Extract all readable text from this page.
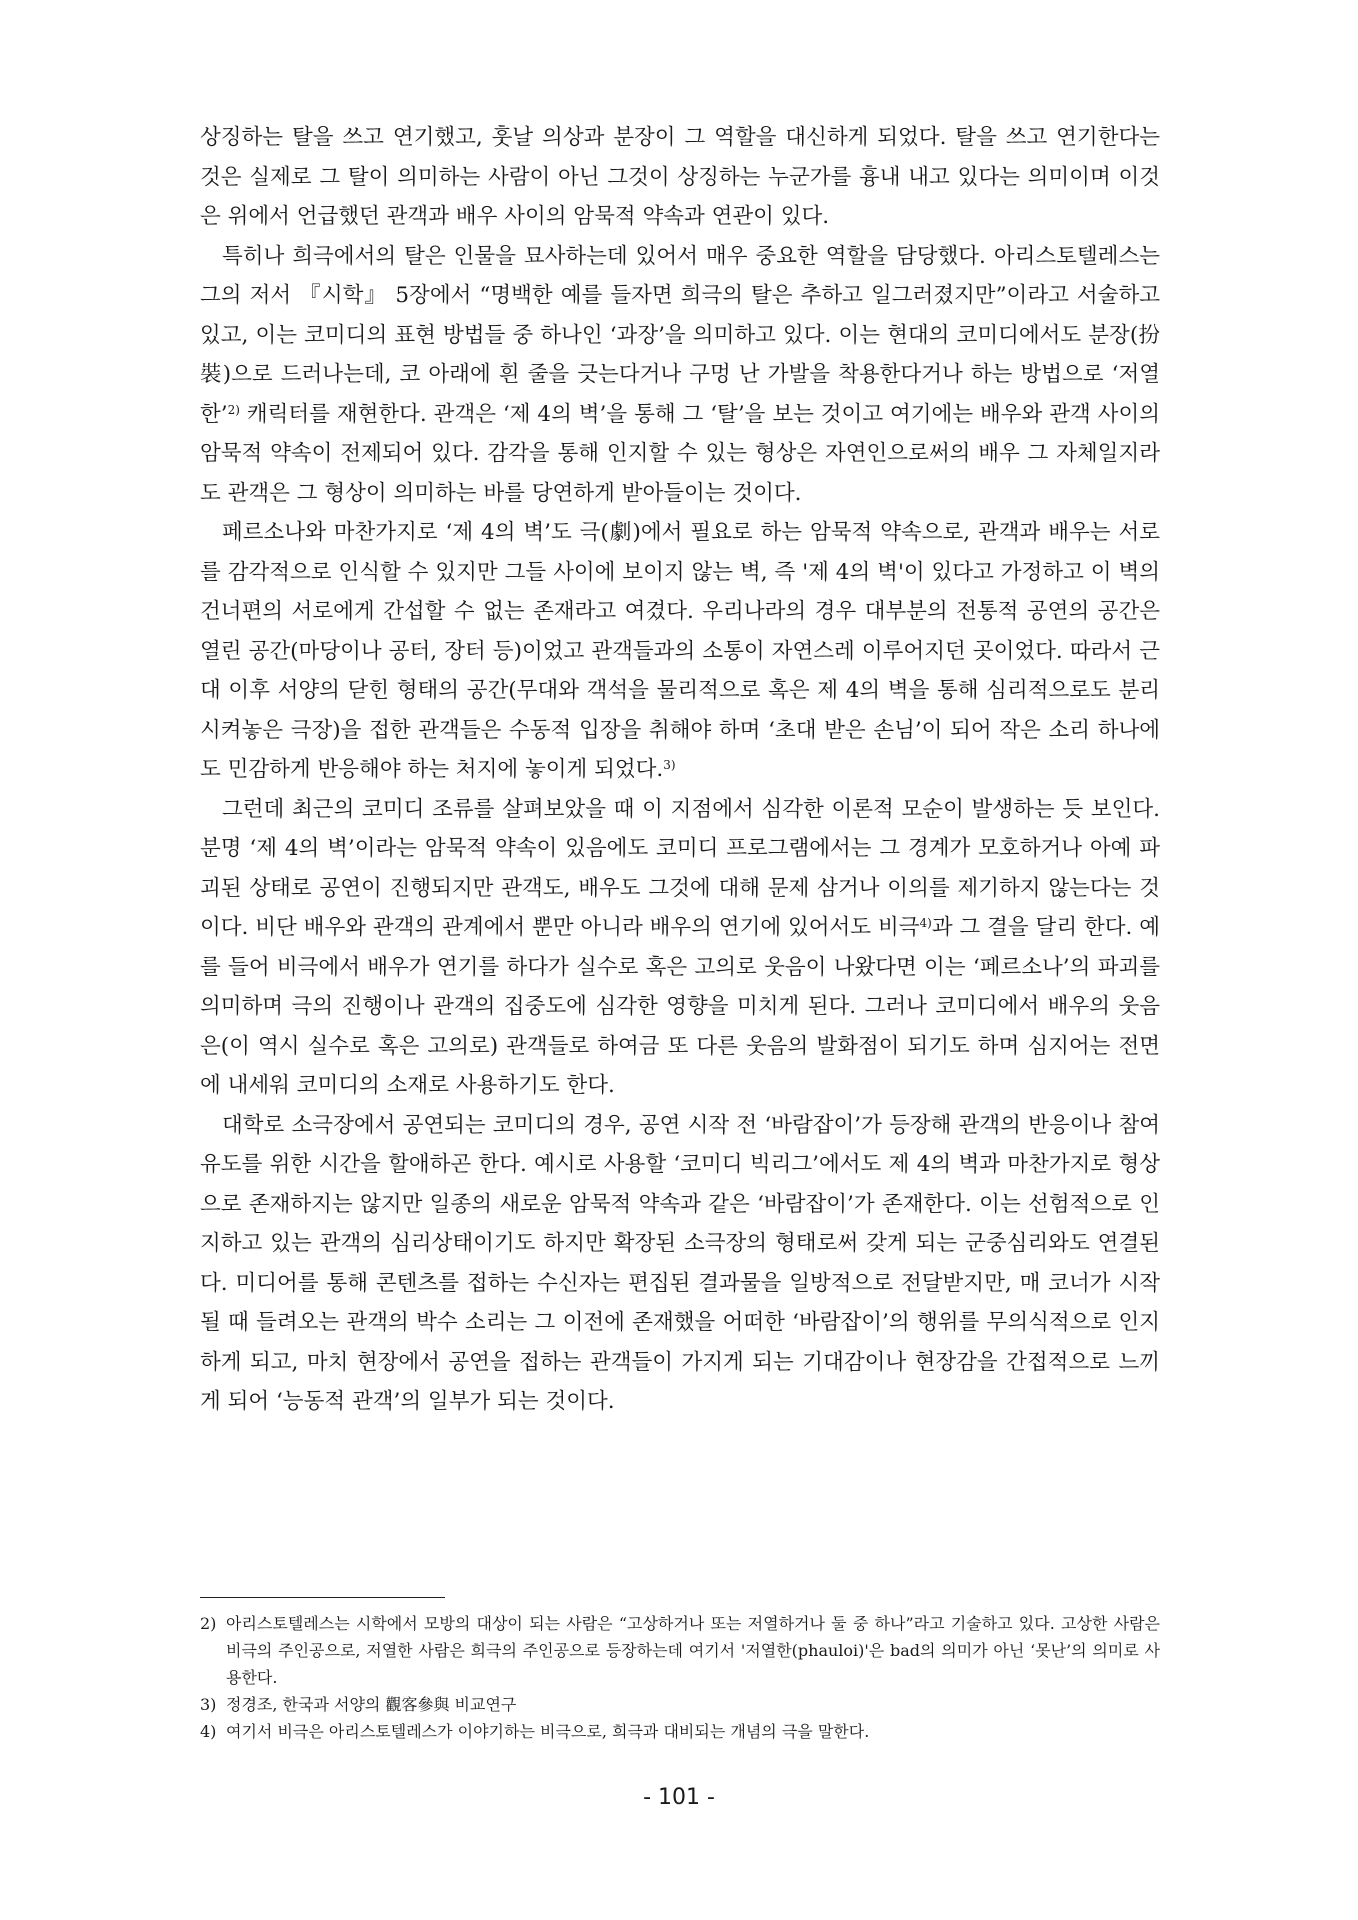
상징하는 탈을 쓰고 연기했고, 훗날 의상과 분장이 그 역할을 대신하게 되었다. 탈을 쓰고 연기한다는 것은 실제로 그 탈이 의미하는 사람이 아닌 그것이 상징하는 누군가를 흉내 내고 있다는 의미이며 이것은 위에서 언급했던 관객과 배우 사이의 암묵적 약속과 연관이 있다.

특히나 희극에서의 탈은 인물을 묘사하는데 있어서 매우 중요한 역할을 담당했다. 아리스토텔레스는 그의 저서 『시학』 5장에서 “명백한 예를 들자면 희극의 탈은 추하고 일그러졌지만”이라고 서술하고 있고, 이는 코미디의 표현 방법들 중 하나인 ‘과장’을 의미하고 있다. 이는 현대의 코미디에서도 분장(扮裝)으로 드러나는데, 코 아래에 흰 줄을 긋는다거나 구멍 난 가발을 착용한다거나 하는 방법으로 ‘저열한’$^{2)}$ 캐릭터를 재현한다. 관객은 ‘제 4의 벽’을 통해 그 ‘탈’을 보는 것이고 여기에는 배우와 관객 사이의 암묵적 약속이 전제되어 있다. 감각을 통해 인지할 수 있는 형상은 자연인으로써의 배우 그 자체일지라도 관객은 그 형상이 의미하는 바를 당연하게 받아들이는 것이다.

페르소나와 마찬가지로 ‘제 4의 벽’도 극(劇)에서 필요로 하는 암묵적 약속으로, 관객과 배우는 서로를 감각적으로 인식할 수 있지만 그들 사이에 보이지 않는 벽, 즉 '제 4의 벽'이 있다고 가정하고 이 벽의 건너편의 서로에게 간섭할 수 없는 존재라고 여겼다. 우리나라의 경우 대부분의 전통적 공연의 공간은 열린 공간(마당이나 공터, 장터 등)이었고 관객들과의 소통이 자연스레 이루어지던 곳이었다. 따라서 근대 이후 서양의 닫힌 형태의 공간(무대와 객석을 물리적으로 혹은 제 4의 벽을 통해 심리적으로도 분리시켜놓은 극장)을 접한 관객들은 수동적 입장을 취해야 하며 ‘초대 받은 손님’이 되어 작은 소리 하나에도 민감하게 반응해야 하는 처지에 놓이게 되었다.$^{3)}$

그런데 최근의 코미디 조류를 살펴보았을 때 이 지점에서 심각한 이론적 모순이 발생하는 듯 보인다. 분명 ‘제 4의 벽’이라는 암묵적 약속이 있음에도 코미디 프로그램에서는 그 경계가 모호하거나 아예 파괴된 상태로 공연이 진행되지만 관객도, 배우도 그것에 대해 문제 삼거나 이의를 제기하지 않는다는 것이다. 비단 배우와 관객의 관계에서 뿐만 아니라 배우의 연기에 있어서도 비극$^{4)}$과 그 결을 달리 한다. 예를 들어 비극에서 배우가 연기를 하다가 실수로 혹은 고의로 웃음이 나왔다면 이는 ‘페르소나’의 파괴를 의미하며 극의 진행이나 관객의 집중도에 심각한 영향을 미치게 된다. 그러나 코미디에서 배우의 웃음은(이 역시 실수로 혹은 고의로) 관객들로 하여금 또 다른 웃음의 발화점이 되기도 하며 심지어는 전면에 내세워 코미디의 소재로 사용하기도 한다.

대학로 소극장에서 공연되는 코미디의 경우, 공연 시작 전 ‘바람잡이’가 등장해 관객의 반응이나 참여 유도를 위한 시간을 할애하곤 한다. 예시로 사용할 ‘코미디 빅리그’에서도 제 4의 벽과 마찬가지로 형상으로 존재하지는 않지만 일종의 새로운 암묵적 약속과 같은 ‘바람잡이’가 존재한다. 이는 선험적으로 인지하고 있는 관객의 심리상태이기도 하지만 확장된 소극장의 형태로써 갖게 되는 군중심리와도 연결된다. 미디어를 통해 콘텐츠를 접하는 수신자는 편집된 결과물을 일방적으로 전달받지만, 매 코너가 시작될 때 들려오는 관객의 박수 소리는 그 이전에 존재했을 어떠한 ‘바람잡이’의 행위를 무의식적으로 인지하게 되고, 마치 현장에서 공연을 접하는 관객들이 가지게 되는 기대감이나 현장감을 간접적으로 느끼게 되어 ‘능동적 관객’의 일부가 되는 것이다.

2) 아리스토텔레스는 시학에서 모방의 대상이 되는 사람은 “고상하거나 또는 저열하거나 둘 중 하나”라고 기술하고 있다. 고상한 사람은 비극의 주인공으로, 저열한 사람은 희극의 주인공으로 등장하는데 여기서 '저열한(phauloi)'은 bad의 의미가 아닌 ‘못난’의 의미로 사용한다.

3) 정경조, 한국과 서양의 觀客參與 비교연구

4) 여기서 비극은 아리스토텔레스가 이야기하는 비극으로, 희극과 대비되는 개념의 극을 말한다.

- 101 -
